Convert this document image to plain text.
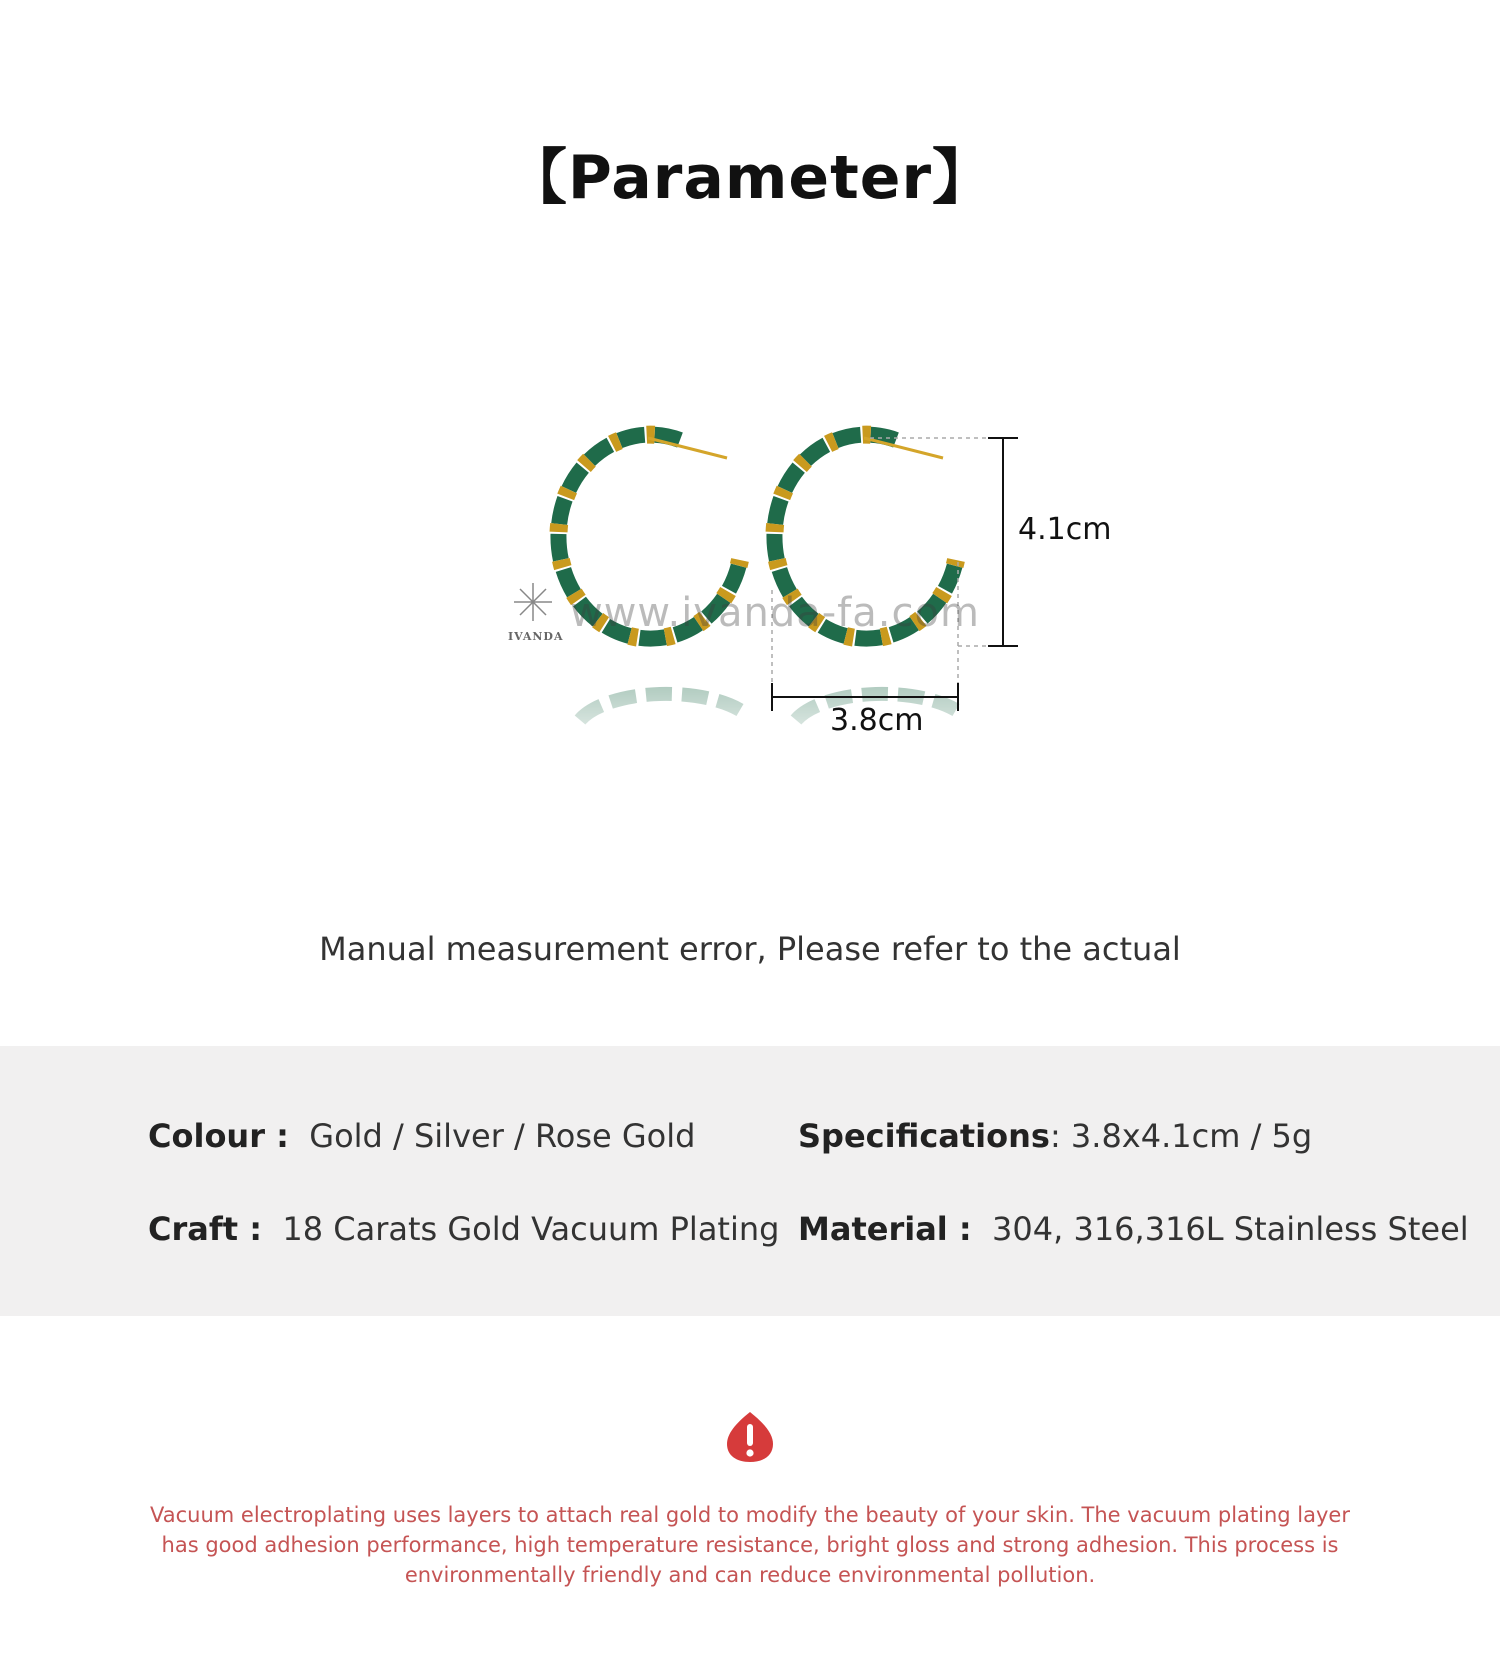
【Parameter】
IVANDA
www.ivanda-fa.com
4.1cm
3.8cm
Manual measurement error, Please refer to the actual
Colour : Gold / Silver / Rose Gold	Specifications: 3.8x4.1cm / 5g
Craft : 18 Carats Gold Vacuum Plating Material : 304, 316,316L Stainless Steel
Vacuum electroplating uses layers to attach real gold to modify the beauty of your skin. The vacuum plating layer has good adhesion performance, high temperature resistance, bright gloss and strong adhesion. This process is environmentally friendly and can reduce environmental pollution.
